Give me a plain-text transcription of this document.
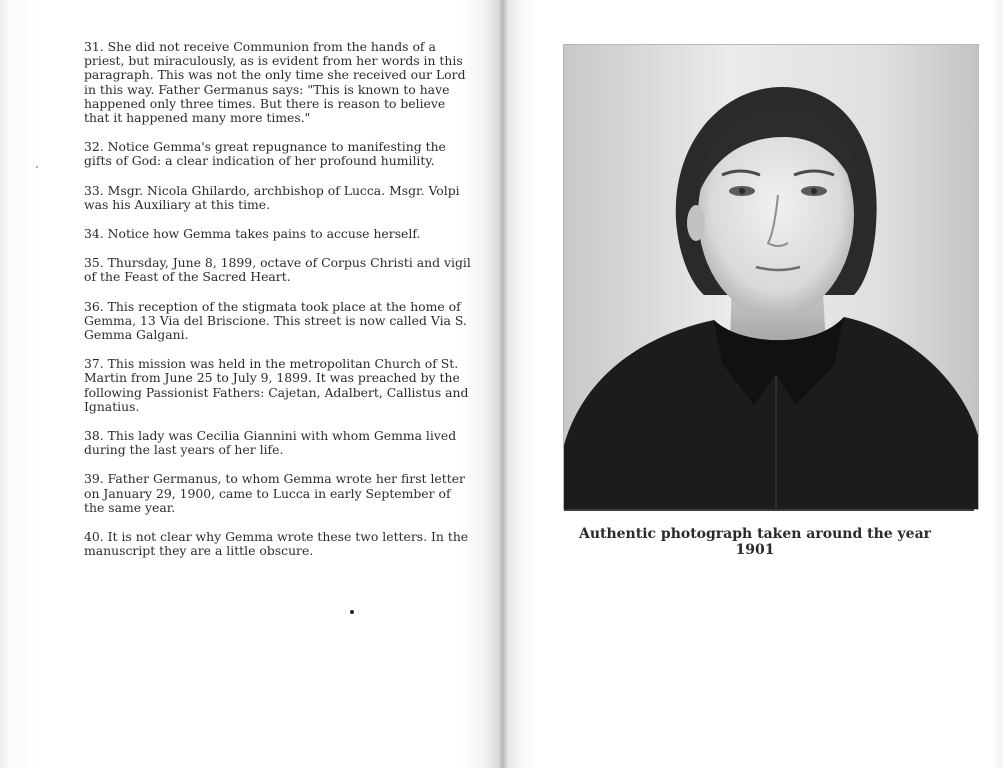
31. She did not receive Communion from the hands of a priest, but miraculously, as is evident from her words in this paragraph. This was not the only time she received our Lord in this way. Father Germanus says: "This is known to have happened only three times. But there is reason to believe that it happened many more times."
32. Notice Gemma's great repugnance to manifesting the gifts of God: a clear indication of her profound humility.
33. Msgr. Nicola Ghilardo, archbishop of Lucca. Msgr. Volpi was his Auxiliary at this time.
34. Notice how Gemma takes pains to accuse herself.
35. Thursday, June 8, 1899, octave of Corpus Christi and vigil of the Feast of the Sacred Heart.
36. This reception of the stigmata took place at the home of Gemma, 13 Via del Briscione. This street is now called Via S. Gemma Galgani.
37. This mission was held in the metropolitan Church of St. Martin from June 25 to July 9, 1899. It was preached by the following Passionist Fathers: Cajetan, Adalbert, Callistus and Ignatius.
38. This lady was Cecilia Giannini with whom Gemma lived during the last years of her life.
39. Father Germanus, to whom Gemma wrote her first letter on January 29, 1900, came to Lucca in early September of the same year.
40. It is not clear why Gemma wrote these two letters. In the manuscript they are a little obscure.
Authentic photograph taken around the year 1901
